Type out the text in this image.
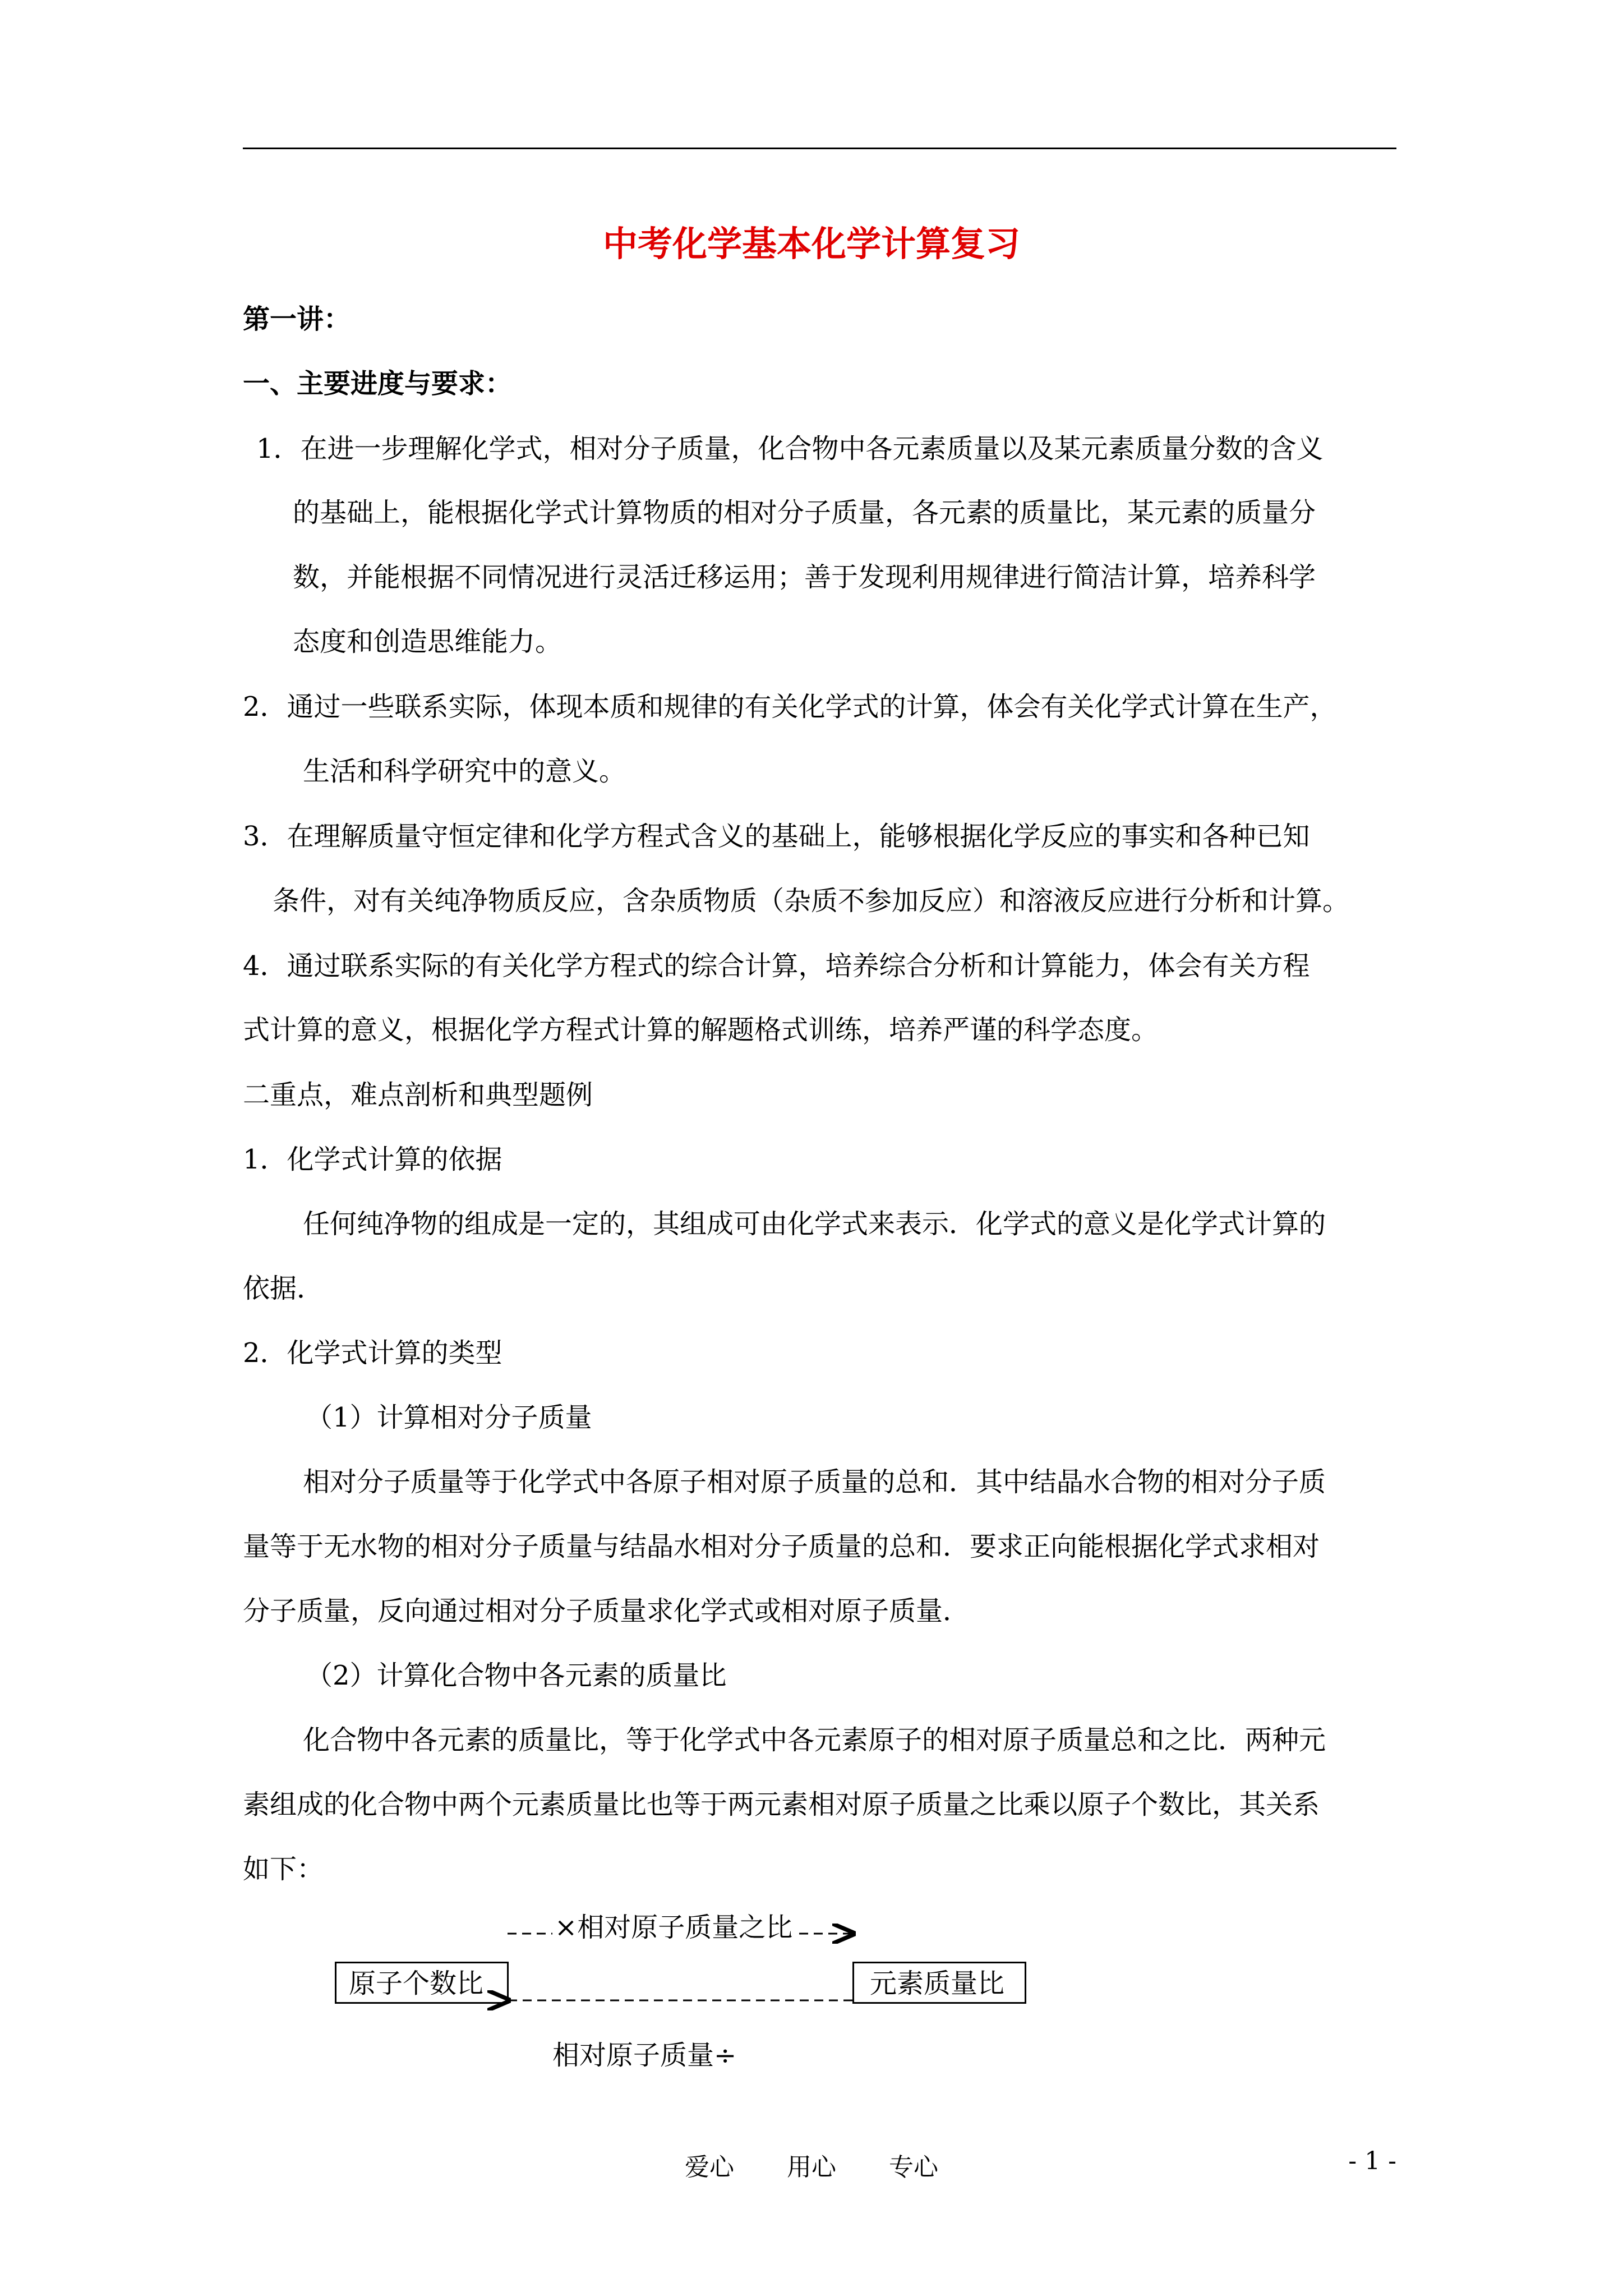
中考化学基本化学计算复习
第一讲：
一、主要进度与要求：
1．在进一步理解化学式，相对分子质量，化合物中各元素质量以及某元素质量分数的含义
的基础上，能根据化学式计算物质的相对分子质量，各元素的质量比，某元素的质量分
数，并能根据不同情况进行灵活迁移运用；善于发现利用规律进行简洁计算，培养科学
态度和创造思维能力。
2．通过一些联系实际，体现本质和规律的有关化学式的计算，体会有关化学式计算在生产，
生活和科学研究中的意义。
3．在理解质量守恒定律和化学方程式含义的基础上，能够根据化学反应的事实和各种已知
条件，对有关纯净物质反应，含杂质物质（杂质不参加反应）和溶液反应进行分析和计算。
4．通过联系实际的有关化学方程式的综合计算，培养综合分析和计算能力，体会有关方程
式计算的意义，根据化学方程式计算的解题格式训练，培养严谨的科学态度。
二重点，难点剖析和典型题例
1．化学式计算的依据
任何纯净物的组成是一定的，其组成可由化学式来表示．化学式的意义是化学式计算的
依据．
2．化学式计算的类型
（1）计算相对分子质量
相对分子质量等于化学式中各原子相对原子质量的总和．其中结晶水合物的相对分子质
量等于无水物的相对分子质量与结晶水相对分子质量的总和．要求正向能根据化学式求相对
分子质量，反向通过相对分子质量求化学式或相对原子质量．
（2）计算化合物中各元素的质量比
化合物中各元素的质量比，等于化学式中各元素原子的相对原子质量总和之比．两种元
素组成的化合物中两个元素质量比也等于两元素相对原子质量之比乘以原子个数比，其关系
如下：
×相对原子质量之比
原子个数比	元素质量比
相对原子质量÷
爱心 用心 专心	- 1 -
